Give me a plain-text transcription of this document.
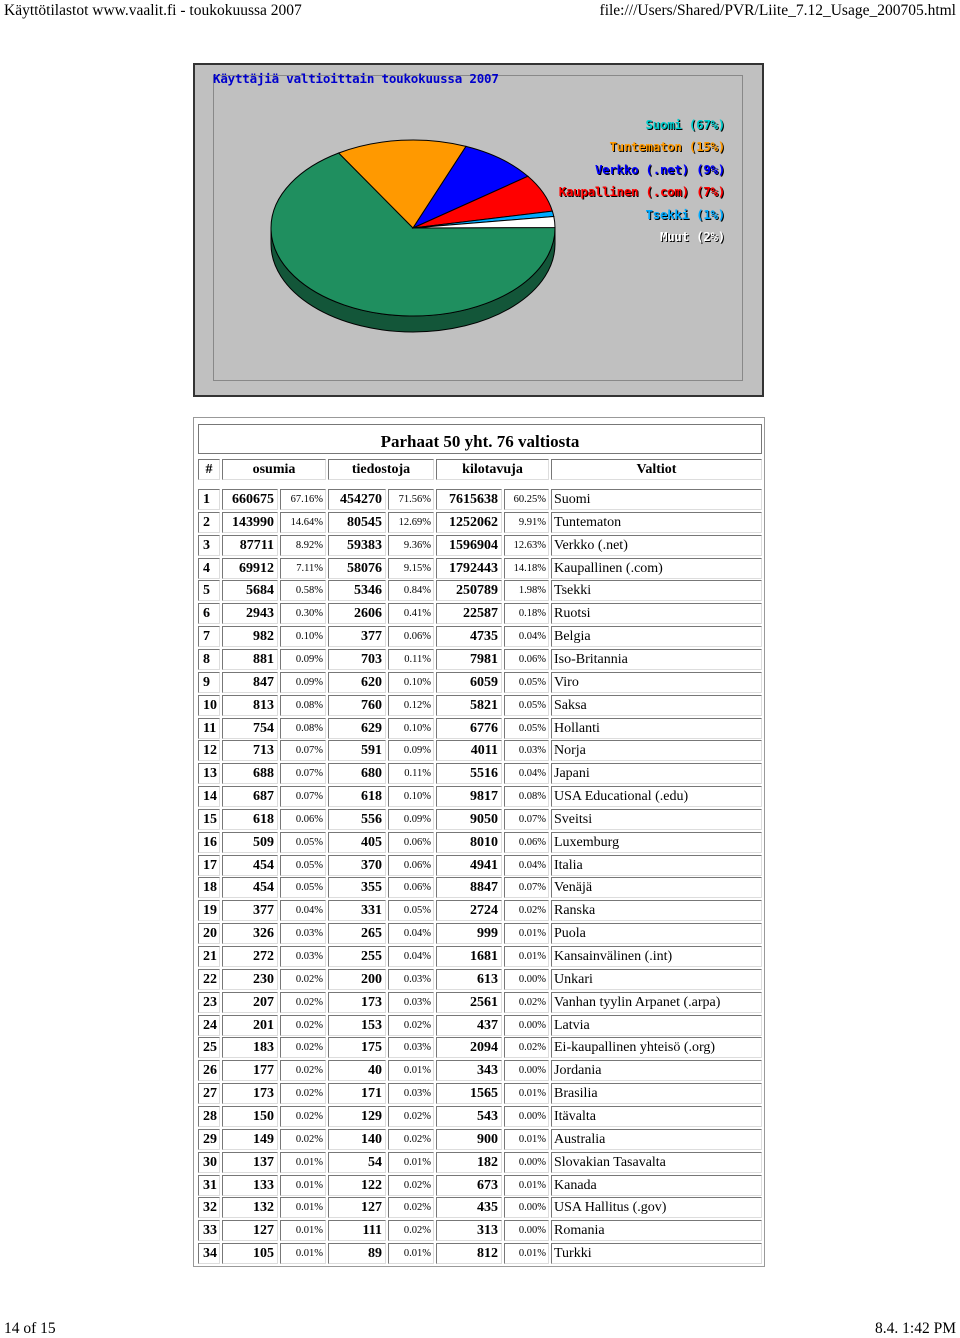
Käyttötilastot www.vaalit.fi - toukokuussa 2007	file:///Users/Shared/PVR/Liite_7.12_Usage_200705.html
Käyttäjiä valtioittain toukokuussa 2007
Suomi (67%)
Tuntematon (15%)
Verkko (.net) (9%)
Kaupallinen (.com) (7%)
Tsekki (1%)
Muut (2%)
Parhaat 50 yht. 76 valtiosta
#	osumia	tiedostoja	kilotavuja	Valtiot
1	660675	67.16%	454270	71.56%	7615638	60.25% Suomi
2	143990	14.64%	80545	12.69%	1252062	9.91% Tuntematon
3	87711	8.92%	59383	9.36%	1596904	12.63% Verkko (.net)
4	69912	7.11%	58076	9.15%	1792443	14.18% Kaupallinen (.com)
5	5684	0.58%	5346	0.84%	250789	1.98% Tsekki
6	2943	0.30%	2606	0.41%	22587	0.18% Ruotsi
7	982	0.10%	377	0.06%	4735	0.04% Belgia
8	881	0.09%	703	0.11%	7981	0.06% Iso-Britannia
9	847	0.09%	620	0.10%	6059	0.05% Viro
10	813	0.08%	760	0.12%	5821	0.05% Saksa
11	754	0.08%	629	0.10%	6776	0.05% Hollanti
12	713	0.07%	591	0.09%	4011	0.03% Norja
13	688	0.07%	680	0.11%	5516	0.04% Japani
14	687	0.07%	618	0.10%	9817	0.08% USA Educational (.edu)
15	618	0.06%	556	0.09%	9050	0.07% Sveitsi
16	509	0.05%	405	0.06%	8010	0.06% Luxemburg
17	454	0.05%	370	0.06%	4941	0.04% Italia
18	454	0.05%	355	0.06%	8847	0.07% Venäjä
19	377	0.04%	331	0.05%	2724	0.02% Ranska
20	326	0.03%	265	0.04%	999	0.01% Puola
21	272	0.03%	255	0.04%	1681	0.01% Kansainvälinen (.int)
22	230	0.02%	200	0.03%	613	0.00% Unkari
23	207	0.02%	173	0.03%	2561	0.02% Vanhan tyylin Arpanet (.arpa)
24	201	0.02%	153	0.02%	437	0.00% Latvia
25	183	0.02%	175	0.03%	2094	0.02% Ei-kaupallinen yhteisö (.org)
26	177	0.02%	40	0.01%	343	0.00% Jordania
27	173	0.02%	171	0.03%	1565	0.01% Brasilia
28	150	0.02%	129	0.02%	543	0.00% Itävalta
29	149	0.02%	140	0.02%	900	0.01% Australia
30	137	0.01%	54	0.01%	182	0.00% Slovakian Tasavalta
31	133	0.01%	122	0.02%	673	0.01% Kanada
32	132	0.01%	127	0.02%	435	0.00% USA Hallitus (.gov)
33	127	0.01%	111	0.02%	313	0.00% Romania
34	105	0.01%	89	0.01%	812	0.01% Turkki
14 of 15	8.4. 1:42 PM
